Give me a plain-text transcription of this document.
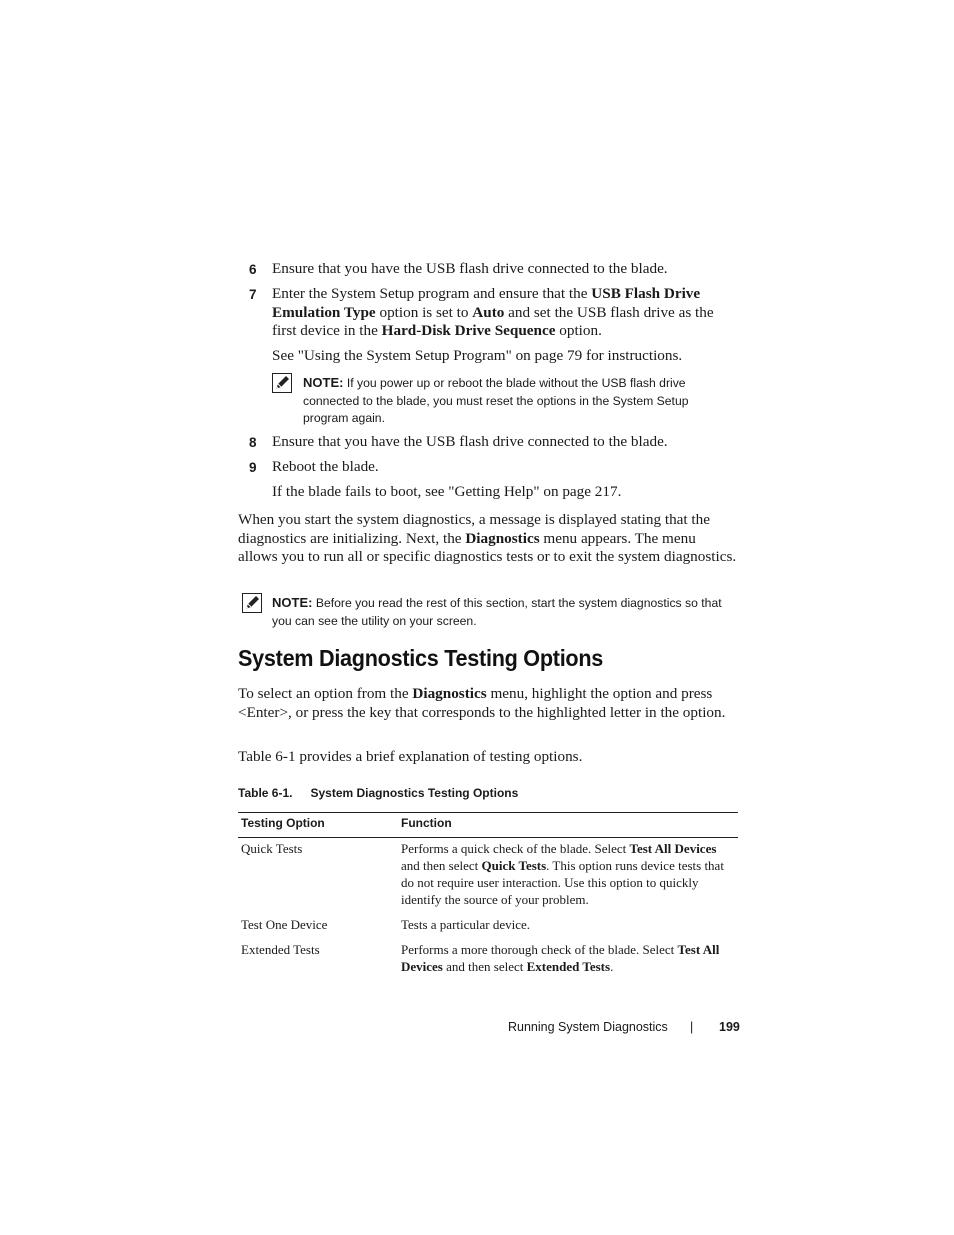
6 Ensure that you have the USB flash drive connected to the blade.
7 Enter the System Setup program and ensure that the USB Flash Drive Emulation Type option is set to Auto and set the USB flash drive as the first device in the Hard-Disk Drive Sequence option.
See "Using the System Setup Program" on page 79 for instructions.
NOTE: If you power up or reboot the blade without the USB flash drive connected to the blade, you must reset the options in the System Setup program again.
8 Ensure that you have the USB flash drive connected to the blade.
9 Reboot the blade.
If the blade fails to boot, see "Getting Help" on page 217.
When you start the system diagnostics, a message is displayed stating that the diagnostics are initializing. Next, the Diagnostics menu appears. The menu allows you to run all or specific diagnostics tests or to exit the system diagnostics.
NOTE: Before you read the rest of this section, start the system diagnostics so that you can see the utility on your screen.
System Diagnostics Testing Options
To select an option from the Diagnostics menu, highlight the option and press <Enter>, or press the key that corresponds to the highlighted letter in the option.
Table 6-1 provides a brief explanation of testing options.
Table 6-1. System Diagnostics Testing Options
Testing Option	Function
Quick Tests	Performs a quick check of the blade. Select Test All Devices and then select Quick Tests. This option runs device tests that do not require user interaction. Use this option to quickly identify the source of your problem.
Test One Device	Tests a particular device.
Extended Tests	Performs a more thorough check of the blade. Select Test All Devices and then select Extended Tests.
Running System Diagnostics | 199
